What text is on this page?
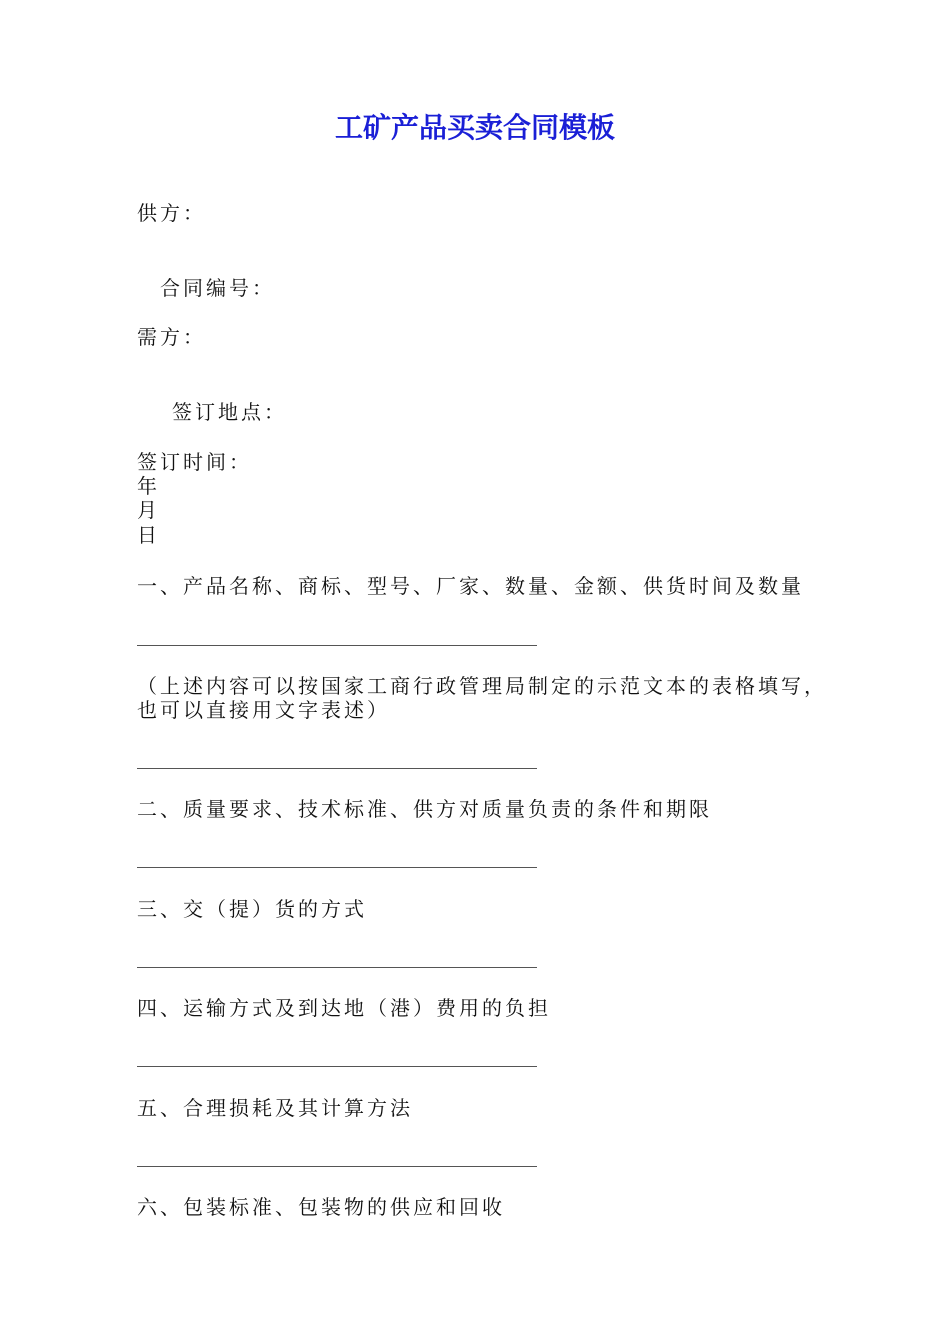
工矿产品买卖合同模板
供方：
合同编号：
需方：
签订地点：
签订时间：
年
月
日
一、产品名称、商标、型号、厂家、数量、金额、供货时间及数量
（上述内容可以按国家工商行政管理局制定的示范文本的表格填写，
也可以直接用文字表述）
二、质量要求、技术标准、供方对质量负责的条件和期限
三、交（提）货的方式
四、运输方式及到达地（港）费用的负担
五、合理损耗及其计算方法
六、包装标准、包装物的供应和回收
